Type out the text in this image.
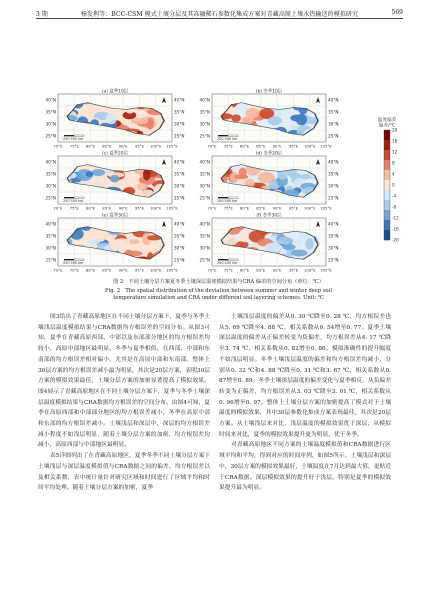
3 期	杨发利等：BCC-CSM 模式土壤分层及其冻融稀石参数化集成方案对青藏高原土壤水热输送的模拟研究	569
250 500 km
(a) 夏季10层
40°N	40°N
35°N	35°N
30°N	30°N
25°N	25°N
70°E 75°E 80°E 85°E 90°E 95°E 100°E 105°E
250 500 km
(b) 冬季10层
40°N	40°N
35°N	35°N
30°N	30°N
25°N	25°N
70°E 75°E 80°E 85°E 90°E 95°E 100°E 105°E
250 500 km
(c) 夏季20层
40°N	40°N
35°N	35°N
30°N	30°N
25°N	25°N
70°E 75°E 80°E 85°E 90°E 95°E 100°E 105°E
250 500 km
(d) 冬季20层
40°N	40°N
35°N	35°N
30°N	30°N
25°N	25°N
70°E 75°E 80°E 85°E 90°E 95°E 100°E 105°E
250 500 km
(e) 夏季30层
40°N	40°N
35°N	35°N
30°N	30°N
25°N	25°N
70°E 75°E 80°E 85°E 90°E 95°E 100°E 105°E
250 500 km
(f) 冬季30层
40°N	40°N
35°N	35°N
30°N	30°N
25°N	25°N
70°E 75°E 80°E 85°E 90°E 95°E 100°E 105°E
温度偏差
偏差/°C
20
16
12
8
4
0
-4
-8
-12
-16
-20
图 2　不同土壤分层方案夏冬季土壤深层温度模拟结果与CRA 偏差的空间分布（单位：℃）
Fig. 2　The spatial distribution of the deviation between summer and winter deep soil
temperature simulation and CRA under different soil layering schemes. Unit: ℃

图3给出了青藏高原地区在不同土壤分层方案下，夏季与冬季土壤浅层温度模拟结果与CRA数据均方根误差的空间分布。从图3可知，夏季在青藏高原西部、中部以及东部部分地区的均方根误差均较小，高原中部地区最明显。冬季与夏季相似，在西部、中部和东南部的均方根误差相对偏小，尤其是在高原中部和东南部。整体上30层方案的均方根误差减小最为明显，其次是20层方案，表明30层方案的模拟效果最佳，土壤分层方案的加密显著提高了模拟效果。图4展示了青藏高原地区在不同土壤分层方案下，夏季与冬季土壤深层温度模拟结果与CRA数据均方根误差的空间分布。由图4可知，夏季在高原西部和中部部分地区的均方根误差减小，冬季在高原中部和东部的均方根误差减小。土壤浅层和深层中，深层的均方根误差减小程度不如浅层明显，随着土壤分层方案的加密，均方根误差均减小，高原西部与中部地区最明显。

表5详细列出了在青藏高原地区，夏季冬季不同土壤分层方案下土壤浅层与深层温度模拟值与CRA数据之间的偏差、均方根误差以及相关系数，表中统计量针对研究区域和时间进行了区域平均和时间平均处理。随着土壤分层方案的加密，夏季

土壤浅层温度的偏差从0. 30 ℃降至0. 28 ℃，均方根误差也从5. 69 ℃降至4. 88 ℃，相关系数从0. 54增至0. 77。夏季土壤深层温度的偏差从正偏差转变为负偏差，均方根误差从4. 17 ℃降至3. 74 ℃，相关系数从0. 82增至0. 86。模拟准确性的提升幅度不如浅层明显。冬季土壤浅层温度的偏差和均方根误差均减小，分别从0. 32 ℃和4. 88 ℃降至0. 31 ℃和3. 67 ℃，相关系数从0. 87增至0. 89。冬季土壤深层温度的偏差变化与夏季相反，从负偏差转变为正偏差，均方根误差从3. 03 ℃降至3. 01 ℃，相关系数从0. 96增至0. 97。整体上土壤分层方案的加密提高了模式对于土壤温度的模拟效果，其中30层参数化集成方案表现最佳，其次是20层方案。从土壤浅层来对比，浅层温度的模拟效果优于深层；从模拟时间来对比，夏季的模拟效果提升更为明显，优于冬季。

对青藏高原地区不同方案的土壤温度模拟值和CRA数据进行区域平均和平均，得到对应的时间序列，如图5所示。土壤浅层和深层中，30层方案的模拟效果最好，土壤温度在7月达到最大值，更贴近于CRA数据。深层模拟效果的提升好于浅层，特别是夏季的模拟效果提升最为明显。
